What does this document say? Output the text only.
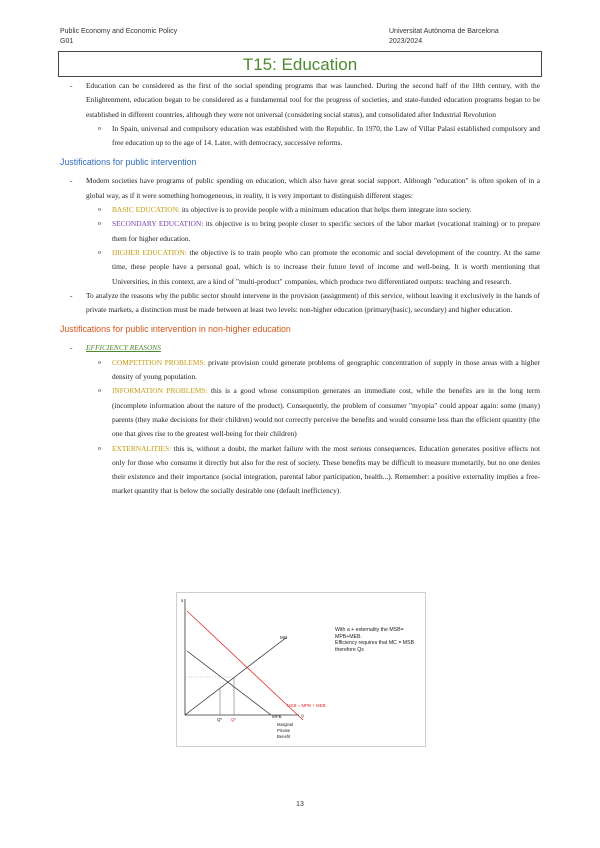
Public Economy and Economic Policy
G01
Universitat Autònoma de Barcelona
2023/2024
T15: Education
- Education can be considered as the first of the social spending programs that was launched. During the second half of the 18th century, with the Enlightenment, education began to be considered as a fundamental tool for the progress of societies, and state-funded education programs began to be established in different countries, although they were not universal (considering social status), and consolidated after Industrial Revolution
o In Spain, universal and compulsory education was established with the Republic. In 1970, the Law of Villar Palasí established compulsory and free education up to the age of 14. Later, with democracy, successive reforms.
Justifications for public intervention
- Modern societies have programs of public spending on education, which also have great social support. Although "education" is often spoken of in a global way, as if it were something homogeneous, in reality, it is very important to distinguish different stages:
o BASIC EDUCATION: its objective is to provide people with a minimum education that helps them integrate into society.
o SECONDARY EDUCATION: its objective is to bring people closer to specific sectors of the labor market (vocational training) or to prepare them for higher education.
o HIGHER EDUCATION: the objective is to train people who can promote the economic and social development of the country. At the same time, these people have a personal goal, which is to increase their future level of income and well-being. It is worth mentioning that Universities, in this context, are a kind of "multi-product" companies, which produce two differentiated outputs: teaching and research.
- To analyze the reasons why the public sector should intervene in the provision (assignment) of this service, without leaving it exclusively in the hands of private markets, a distinction must be made between at least two levels: non-higher education (primary(basic), secondary) and higher education.
Justifications for public intervention in non-higher education
- EFFICIENCY REASONS
o COMPETITION PROBLEMS: private provision could generate problems of geographic concentration of supply in those areas with a higher density of young population.
o INFORMATION PROBLEMS: this is a good whose consumption generates an immediate cost, while the benefits are in the long term (incomplete information about the nature of the product). Consequently, the problem of consumer "myopia" could appear again: some (many) parents (they make decisions for their children) would not correctly perceive the benefits and would consume less than the efficient quantity (the one that gives rise to the greatest well-being for their children)
o EXTERNALITIES: this is, without a doubt, the market failure with the most serious consequences. Education generates positive effects not only for those who consume it directly but also for the rest of society. These benefits may be difficult to measure monetarily, but no one denies their existence and their importance (social integration, parental labor participation, health...). Remember: a positive externality implies a free-market quantity that is below the socially desirable one (default inefficiency).
$
Q
MC
MSB = MPB + MEB
MPB
Q* Q*
Marginal
Private
Benefit
With a + externality the MSB=
MPB+MEB.
Efficiency requires that MC = MSB
therefore Qs
13
